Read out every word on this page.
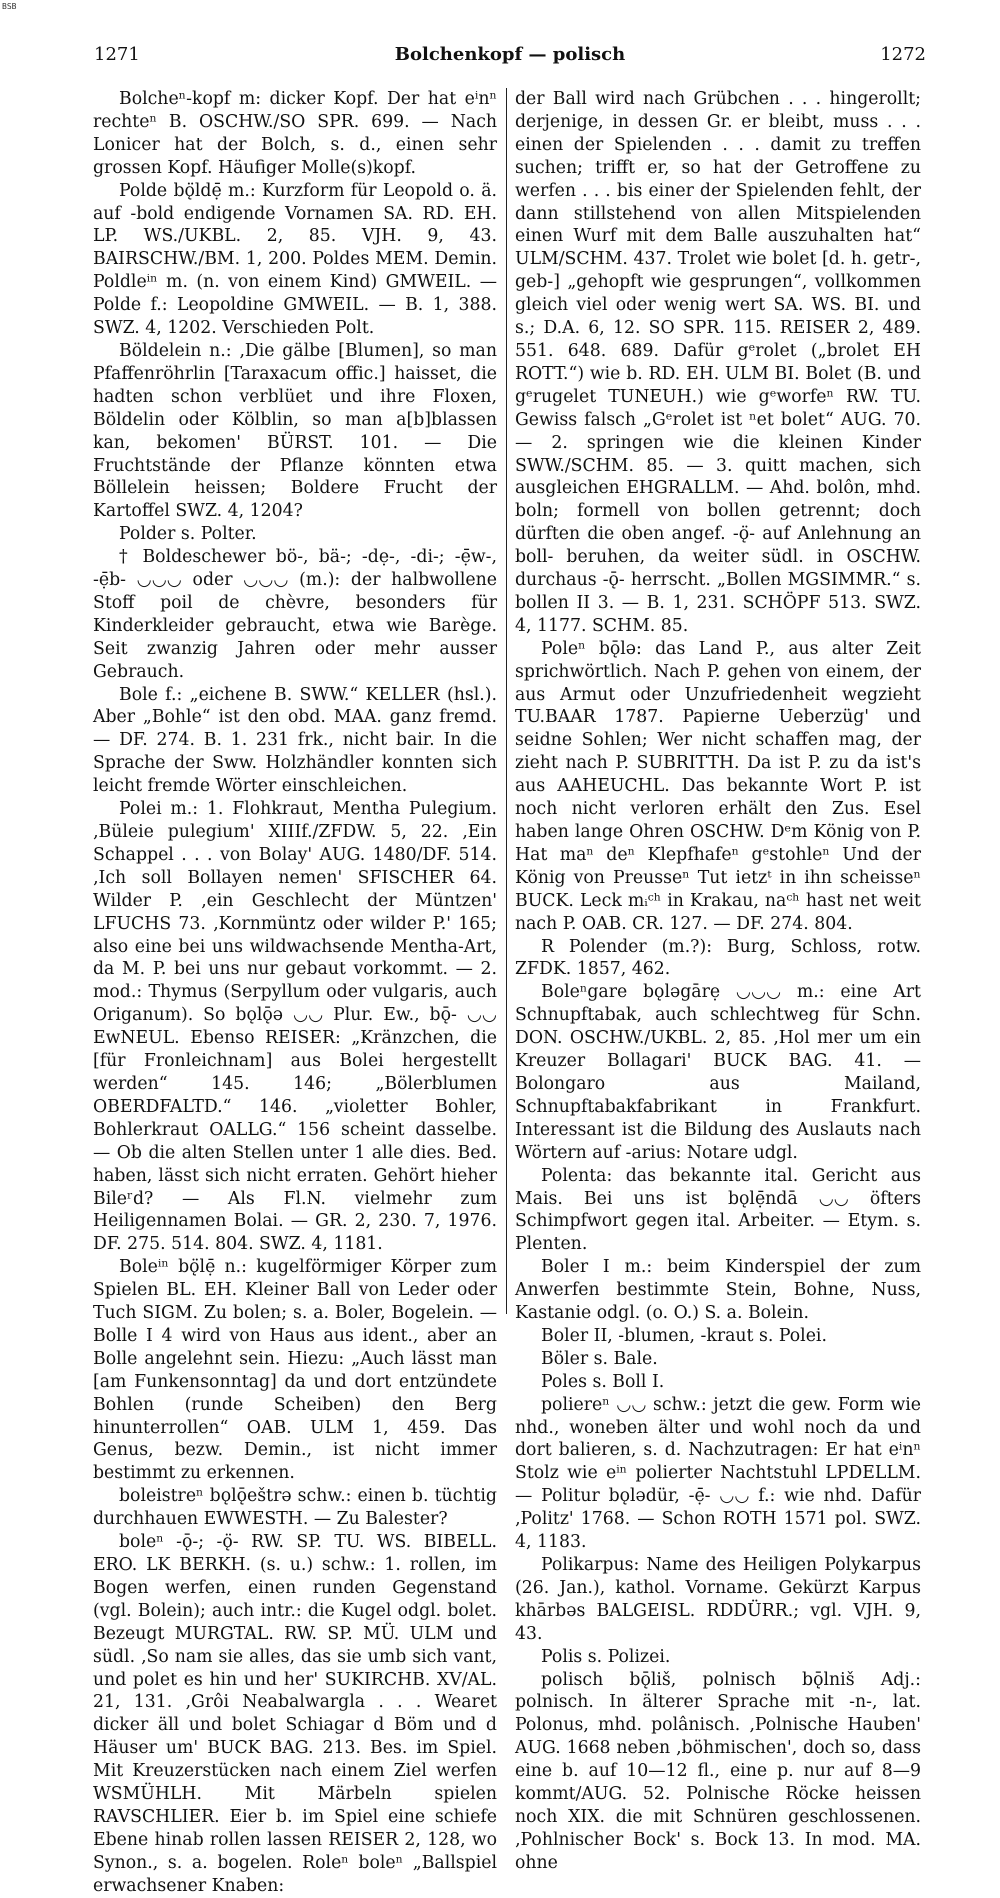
BSB
1271	Bolchenkopf — polisch	1272

Bolcheⁿ-kopf m: dicker Kopf. Der hat eⁱnⁿ rechteⁿ B. OSCHW./SO SPR. 699. — Nach Lonicer hat der Bolch, s. d., einen sehr grossen Kopf. Häufiger Molle(s)kopf.

Polde bǫ̈ldẹ̄ m.: Kurzform für Leopold o. ä. auf -bold endigende Vornamen SA. RD. EH. LP. WS./UKBL. 2, 85. VJH. 9, 43. BAIRSCHW./BM. 1, 200. Poldes MEM. Demin. Poldleⁱⁿ m. (n. von einem Kind) GMWEIL. — Polde f.: Leopoldine GMWEIL. — B. 1, 388. SWZ. 4, 1202. Verschieden Polt.

Böldelein n.: ‚Die gälbe [Blumen], so man Pfaffenröhrlin [Taraxacum offic.] haisset, die hadten schon verblüet und ihre Floxen, Böldelin oder Kölblin, so man a[b]blassen kan, bekomen' BÜRST. 101. — Die Fruchtstände der Pflanze könnten etwa Böllelein heissen; Boldere Frucht der Kartoffel SWZ. 4, 1204?

Polder s. Polter.

† Boldeschewer bö-, bä-; -dẹ-, -di-; -ẹ̄w-, -ẹ̄b- ◡◡◡ oder ◡◡◡ (m.): der halbwollene Stoff poil de chèvre, besonders für Kinderkleider gebraucht, etwa wie Barège. Seit zwanzig Jahren oder mehr ausser Gebrauch.

Bole f.: „eichene B. SWW.“ KELLER (hsl.). Aber „Bohle“ ist den obd. MAA. ganz fremd. — DF. 274. B. 1. 231 frk., nicht bair. In die Sprache der Sww. Holzhändler konnten sich leicht fremde Wörter einschleichen.

Polei m.: 1. Flohkraut, Mentha Pulegium. ‚Büleie pulegium' XIIIf./ZFDW. 5, 22. ‚Ein Schappel . . . von Bolay' AUG. 1480/DF. 514. ‚Ich soll Bollayen nemen' SFISCHER 64. Wilder P. ‚ein Geschlecht der Müntzen' LFUCHS 73. ‚Kornmüntz oder wilder P.' 165; also eine bei uns wildwachsende Mentha-Art, da M. P. bei uns nur gebaut vorkommt. — 2. mod.: Thymus (Serpyllum oder vulgaris, auch Origanum). So bǫlǭə ◡◡ Plur. Ew., bǭ- ◡◡ EwNEUL. Ebenso REISER: „Kränzchen, die [für Fronleichnam] aus Bolei hergestellt werden“ 145. 146; „Bölerblumen OBERDFALTD.“ 146. „violetter Bohler, Bohlerkraut OALLG.“ 156 scheint dasselbe. — Ob die alten Stellen unter 1 alle dies. Bed. haben, lässt sich nicht erraten. Gehört hieher Bileʳd? — Als Fl.N. vielmehr zum Heiligennamen Bolai. — GR. 2, 230. 7, 1976. DF. 275. 514. 804. SWZ. 4, 1181.

Boleⁱⁿ bǫ̈lẹ̄ n.: kugelförmiger Körper zum Spielen BL. EH. Kleiner Ball von Leder oder Tuch SIGM. Zu bolen; s. a. Boler, Bogelein. — Bolle I 4 wird von Haus aus ident., aber an Bolle angelehnt sein. Hiezu: „Auch lässt man [am Funkensonntag] da und dort entzündete Bohlen (runde Scheiben) den Berg hinunterrollen“ OAB. ULM 1, 459. Das Genus, bezw. Demin., ist nicht immer bestimmt zu erkennen.

boleistreⁿ bǫlǭeštrə schw.: einen b. tüchtig durchhauen EWWESTH. — Zu Balester?

boleⁿ -ǭ-; -ǫ̈- RW. SP. TU. WS. BIBELL. ERO. LK BERKH. (s. u.) schw.: 1. rollen, im Bogen werfen, einen runden Gegenstand (vgl. Bolein); auch intr.: die Kugel odgl. bolet. Bezeugt MURGTAL. RW. SP. MÜ. ULM und südl. ‚So nam sie alles, das sie umb sich vant, und polet es hin und her' SUKIRCHB. XV/AL. 21, 131. ‚Grôi Neabalwargla . . . Wearet dicker äll und bolet Schiagar d Böm und d Häuser um' BUCK BAG. 213. Bes. im Spiel. Mit Kreuzerstücken nach einem Ziel werfen WSMÜHLH. Mit Märbeln spielen RAVSCHLIER. Eier b. im Spiel eine schiefe Ebene hinab rollen lassen REISER 2, 128, wo Synon., s. a. bogelen. Roleⁿ boleⁿ „Ballspiel erwachsener Knaben:

der Ball wird nach Grübchen . . . hingerollt; derjenige, in dessen Gr. er bleibt, muss . . . einen der Spielenden . . . damit zu treffen suchen; trifft er, so hat der Getroffene zu werfen . . . bis einer der Spielenden fehlt, der dann stillstehend von allen Mitspielenden einen Wurf mit dem Balle auszuhalten hat“ ULM/SCHM. 437. Trolet wie bolet [d. h. getr-, geb-] „gehopft wie gesprungen“, vollkommen gleich viel oder wenig wert SA. WS. BI. und s.; D.A. 6, 12. SO SPR. 115. REISER 2, 489. 551. 648. 689. Dafür gᵉrolet („brolet EH ROTT.“) wie b. RD. EH. ULM BI. Bolet (B. und gᵉrugelet TUNEUH.) wie gᵉworfeⁿ RW. TU. Gewiss falsch „Gᵉrolet ist ⁿet bolet“ AUG. 70. — 2. springen wie die kleinen Kinder SWW./SCHM. 85. — 3. quitt machen, sich ausgleichen EHGRALLM. — Ahd. bolôn, mhd. boln; formell von bollen getrennt; doch dürften die oben angef. -ǫ̈- auf Anlehnung an boll- beruhen, da weiter südl. in OSCHW. durchaus -ǭ- herrscht. „Bollen MGSIMMR.“ s. bollen II 3. — B. 1, 231. SCHÖPF 513. SWZ. 4, 1177. SCHM. 85.

Poleⁿ bǭlə: das Land P., aus alter Zeit sprichwörtlich. Nach P. gehen von einem, der aus Armut oder Unzufriedenheit wegzieht TU.BAAR 1787. Papierne Ueberzüg' und seidne Sohlen; Wer nicht schaffen mag, der zieht nach P. SUBRITTH. Da ist P. zu da ist's aus AAHEUCHL. Das bekannte Wort P. ist noch nicht verloren erhält den Zus. Esel haben lange Ohren OSCHW. Dᵉm König von P. Hat maⁿ deⁿ Klepfhafeⁿ gᵉstohleⁿ Und der König von Preusseⁿ Tut ietzᵗ in ihn scheisseⁿ BUCK. Leck mᵢᶜʰ in Krakau, naᶜʰ hast net weit nach P. OAB. CR. 127. — DF. 274. 804.

R Polender (m.?): Burg, Schloss, rotw. ZFDK. 1857, 462.

Boleⁿgare bǫləgārẹ ◡◡◡ m.: eine Art Schnupftabak, auch schlechtweg für Schn. DON. OSCHW./UKBL. 2, 85. ‚Hol mer um ein Kreuzer Bollagari' BUCK BAG. 41. — Bolongaro aus Mailand, Schnupftabakfabrikant in Frankfurt. Interessant ist die Bildung des Auslauts nach Wörtern auf -arius: Notare udgl.

Polenta: das bekannte ital. Gericht aus Mais. Bei uns ist bǫlẹ̄ndā ◡◡ öfters Schimpfwort gegen ital. Arbeiter. — Etym. s. Plenten.

Boler I m.: beim Kinderspiel der zum Anwerfen bestimmte Stein, Bohne, Nuss, Kastanie odgl. (o. O.) S. a. Bolein.

Boler II, -blumen, -kraut s. Polei.

Böler s. Bale.

Poles s. Boll I.

poliereⁿ ◡◡ schw.: jetzt die gew. Form wie nhd., woneben älter und wohl noch da und dort balieren, s. d. Nachzutragen: Er hat eⁱnⁿ Stolz wie eⁱⁿ polierter Nachtstuhl LPDELLM. — Politur bǫlədür, -ẹ̄- ◡◡ f.: wie nhd. Dafür ‚Politz' 1768. — Schon ROTH 1571 pol. SWZ. 4, 1183.

Polikarpus: Name des Heiligen Polykarpus (26. Jan.), kathol. Vorname. Gekürzt Karpus khārbəs BALGEISL. RDDÜRR.; vgl. VJH. 9, 43.

Polis s. Polizei.

polisch bǭliš, polnisch bǭlniš Adj.: polnisch. In älterer Sprache mit -n-, lat. Polonus, mhd. polânisch. ‚Polnische Hauben' AUG. 1668 neben ‚böhmischen', doch so, dass eine b. auf 10—12 fl., eine p. nur auf 8—9 kommt/AUG. 52. Polnische Röcke heissen noch XIX. die mit Schnüren geschlossenen. ‚Pohlnischer Bock' s. Bock 13. In mod. MA. ohne
